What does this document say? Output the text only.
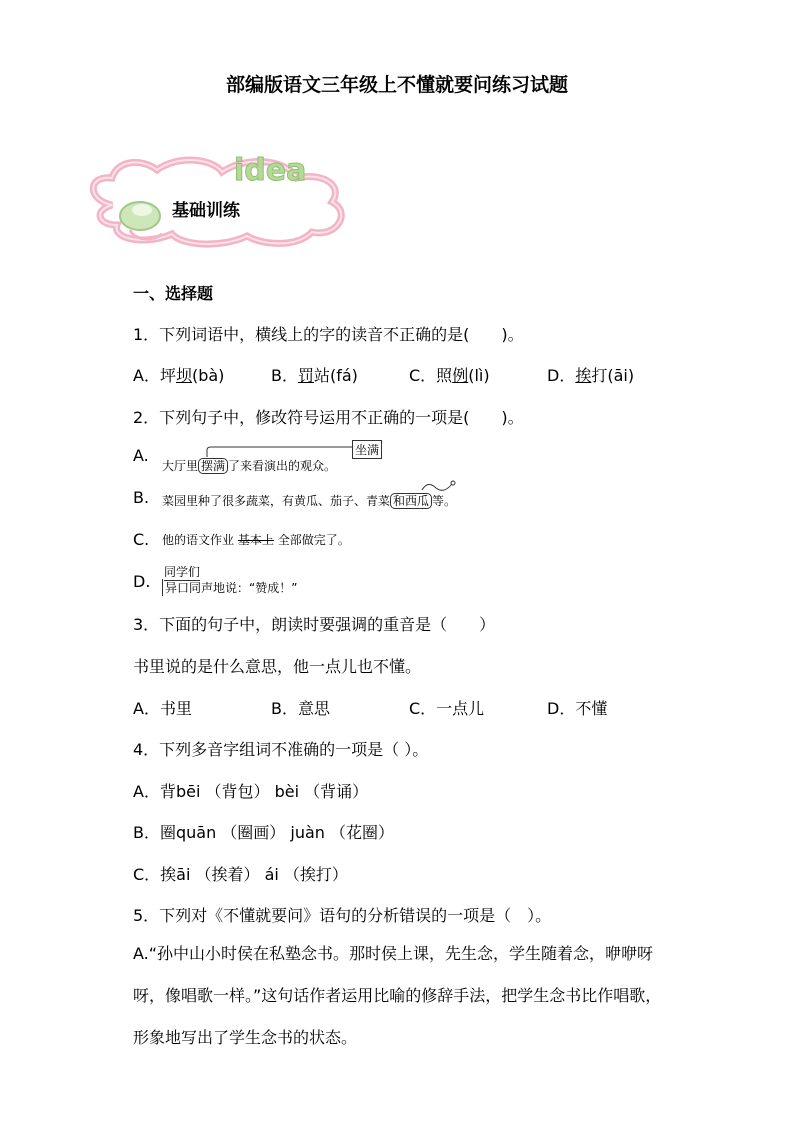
部编版语文三年级上不懂就要问练习试题
idea
基础训练
一、选择题
1．下列词语中，横线上的字的读音不正确的是(　　)。
A．坪坝(bà)	B．罚站(fá)	C．照例(lì)	D．挨打(āi)
2．下列句子中，修改符号运用不正确的一项是(　　)。
A.	坐满
大厅里 摆满 了来看演出的观众。
B. 菜园里种了很多蔬菜，有黄瓜、茄子、青菜 和西瓜 等。
C. 他的语文作业 基本上 全部做完了。
D. 同学们
异口同声地说：“赞成！”
3．下面的句子中，朗读时要强调的重音是（　　）
书里说的是什么意思，他一点儿也不懂。
A．书里	B．意思	C．一点儿	D．不懂
4．下列多音字组词不准确的一项是（ ）。
A．背bēi （背包） bèi （背诵）
B．圈quān （圈画） juàn （花圈）
C．挨āi （挨着） ái （挨打）
5．下列对《不懂就要问》语句的分析错误的一项是（　）。
A.“孙中山小时侯在私塾念书。那时侯上课，先生念，学生随着念，咿咿呀呀，像唱歌一样。”这句话作者运用比喻的修辞手法，把学生念书比作唱歌，形象地写出了学生念书的状态。
